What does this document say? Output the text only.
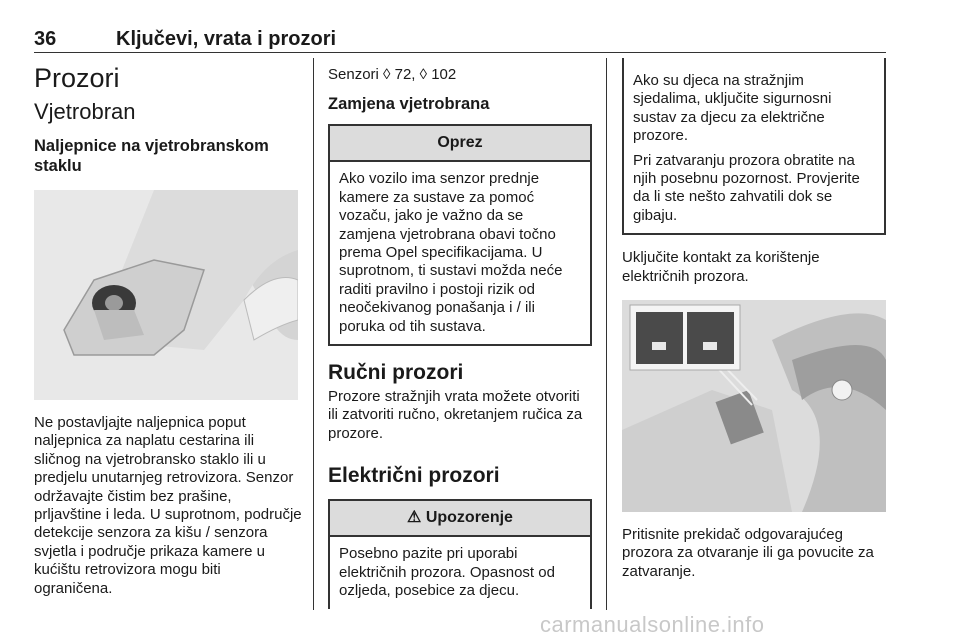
36	Ključevi, vrata i prozori
Prozori
Vjetrobran
Naljepnice na vjetrobranskom staklu
Ne postavljajte naljepnica poput naljepnica za naplatu cestarina ili sličnog na vjetrobransko staklo ili u predjelu unutarnjeg retrovizora. Senzor održavajte čistim bez prašine, prljavštine i leda. U suprotnom, područje detekcije senzora za kišu / senzora svjetla i područje prikaza kamere u kućištu retrovizora mogu biti ograničena.
Senzori ◊ 72, ◊ 102
Zamjena vjetrobrana
Oprez
Ako vozilo ima senzor prednje kamere za sustave za pomoć vozaču, jako je važno da se zamjena vjetrobrana obavi točno prema Opel specifikacijama. U suprotnom, ti sustavi možda neće raditi pravilno i postoji rizik od neočekivanog ponašanja i / ili poruka od tih sustava.
Ručni prozori
Prozore stražnjih vrata možete otvoriti ili zatvoriti ručno, okretanjem ručica za prozore.
Električni prozori
⚠ Upozorenje
Posebno pazite pri uporabi električnih prozora. Opasnost od ozljeda, posebice za djecu.
Ako su djeca na stražnjim sjedalima, uključite sigurnosni sustav za djecu za električne prozore.
Pri zatvaranju prozora obratite na njih posebnu pozornost. Provjerite da li ste nešto zahvatili dok se gibaju.
Uključite kontakt za korištenje električnih prozora.
Pritisnite prekidač odgovarajućeg prozora za otvaranje ili ga povucite za zatvaranje.
carmanualsonline.info
